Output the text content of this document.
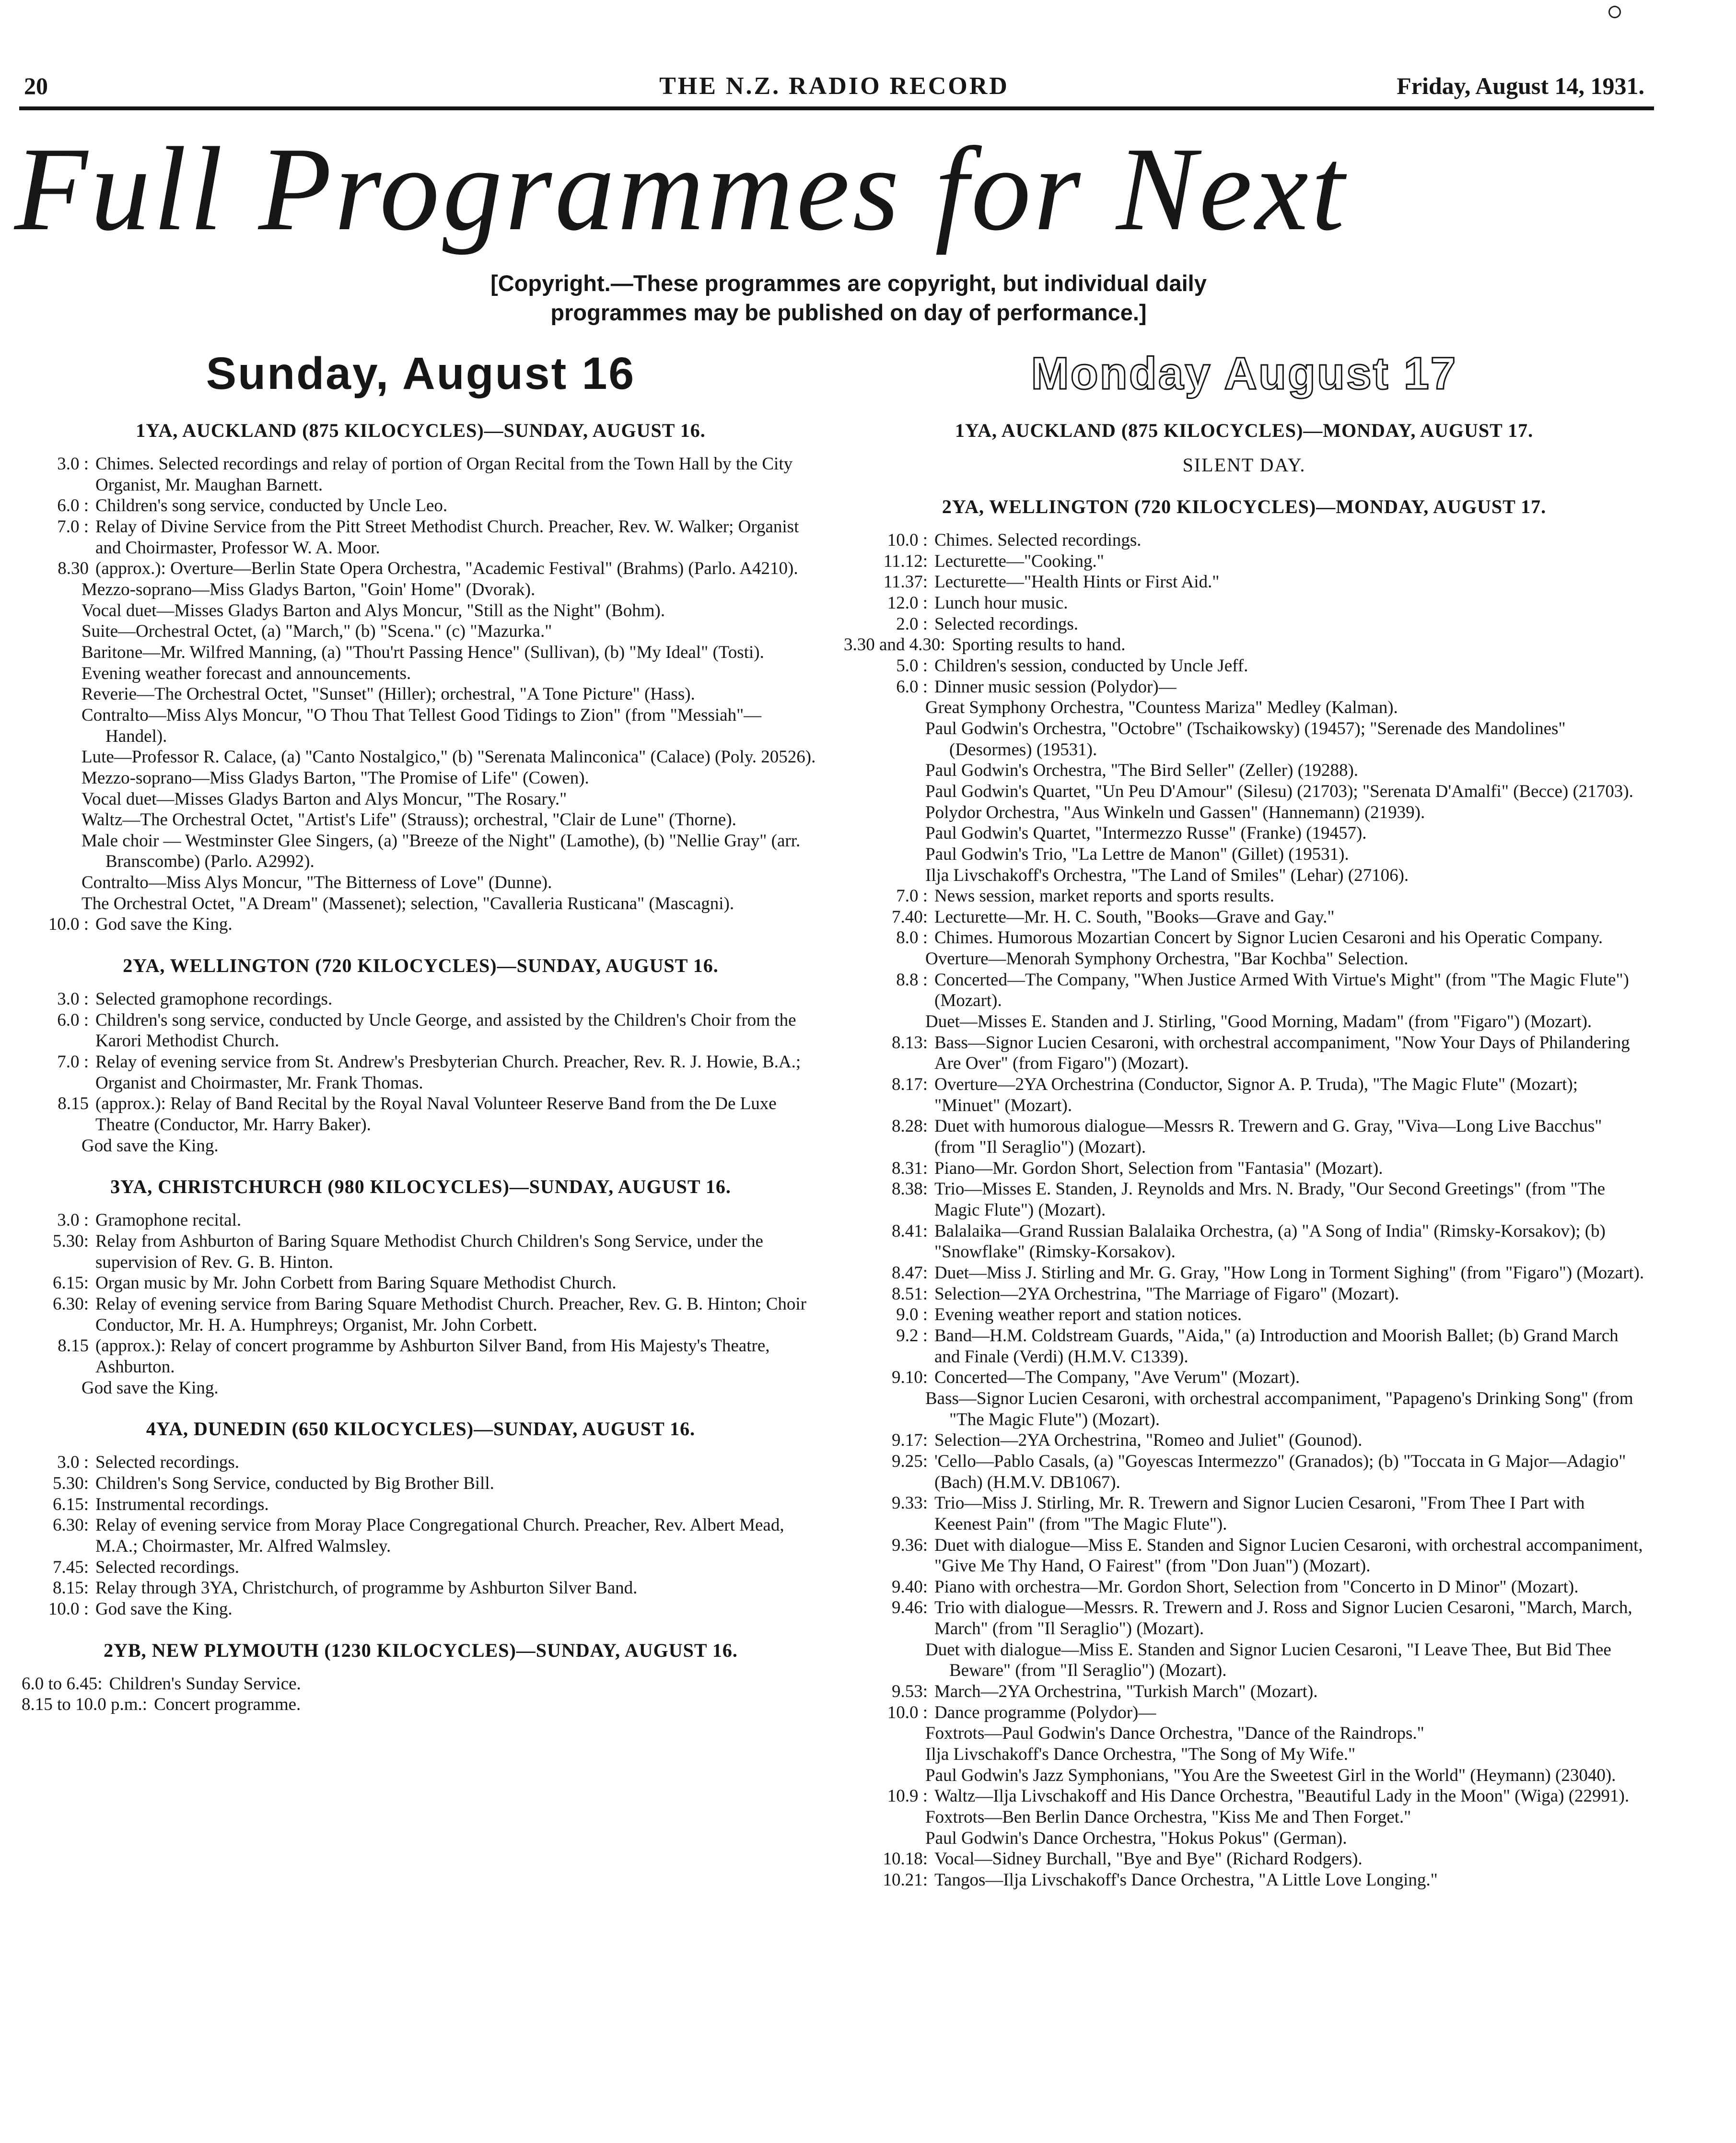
20	THE N.Z. RADIO RECORD	Friday, August 14, 1931.
Full Programmes for Next
[Copyright.—These programmes are copyright, but individual daily programmes may be published on day of performance.]
Sunday, August 16
1YA, AUCKLAND (875 KILOCYCLES)—SUNDAY, AUGUST 16.
3.0 : Chimes. Selected recordings and relay of portion of Organ Recital from the Town Hall by the City Organist, Mr. Maughan Barnett.
6.0 : Children's song service, conducted by Uncle Leo.
7.0 : Relay of Divine Service from the Pitt Street Methodist Church. Preacher, Rev. W. Walker; Organist and Choirmaster, Professor W. A. Moor.
8.30 (approx.): Overture—Berlin State Opera Orchestra, "Academic Festival" (Brahms) (Parlo. A4210).
Mezzo-soprano—Miss Gladys Barton, "Goin' Home" (Dvorak).
Vocal duet—Misses Gladys Barton and Alys Moncur, "Still as the Night" (Bohm).
Suite—Orchestral Octet, (a) "March," (b) "Scena." (c) "Mazurka."
Baritone—Mr. Wilfred Manning, (a) "Thou'rt Passing Hence" (Sullivan), (b) "My Ideal" (Tosti).
Evening weather forecast and announcements.
Reverie—The Orchestral Octet, "Sunset" (Hiller); orchestral, "A Tone Picture" (Hass).
Contralto—Miss Alys Moncur, "O Thou That Tellest Good Tidings to Zion" (from "Messiah"—Handel).
Lute—Professor R. Calace, (a) "Canto Nostalgico," (b) "Serenata Malinconica" (Calace) (Poly. 20526).
Mezzo-soprano—Miss Gladys Barton, "The Promise of Life" (Cowen).
Vocal duet—Misses Gladys Barton and Alys Moncur, "The Rosary."
Waltz—The Orchestral Octet, "Artist's Life" (Strauss); orchestral, "Clair de Lune" (Thorne).
Male choir — Westminster Glee Singers, (a) "Breeze of the Night" (Lamothe), (b) "Nellie Gray" (arr. Branscombe) (Parlo. A2992).
Contralto—Miss Alys Moncur, "The Bitterness of Love" (Dunne).
The Orchestral Octet, "A Dream" (Massenet); selection, "Cavalleria Rusticana" (Mascagni).
10.0 : God save the King.
2YA, WELLINGTON (720 KILOCYCLES)—SUNDAY, AUGUST 16.
3.0 : Selected gramophone recordings.
6.0 : Children's song service, conducted by Uncle George, and assisted by the Children's Choir from the Karori Methodist Church.
7.0 : Relay of evening service from St. Andrew's Presbyterian Church. Preacher, Rev. R. J. Howie, B.A.; Organist and Choirmaster, Mr. Frank Thomas.
8.15 (approx.): Relay of Band Recital by the Royal Naval Volunteer Reserve Band from the De Luxe Theatre (Conductor, Mr. Harry Baker).
God save the King.
3YA, CHRISTCHURCH (980 KILOCYCLES)—SUNDAY, AUGUST 16.
3.0 : Gramophone recital.
5.30: Relay from Ashburton of Baring Square Methodist Church Children's Song Service, under the supervision of Rev. G. B. Hinton.
6.15: Organ music by Mr. John Corbett from Baring Square Methodist Church.
6.30: Relay of evening service from Baring Square Methodist Church. Preacher, Rev. G. B. Hinton; Choir Conductor, Mr. H. A. Humphreys; Organist, Mr. John Corbett.
8.15 (approx.): Relay of concert programme by Ashburton Silver Band, from His Majesty's Theatre, Ashburton.
God save the King.
4YA, DUNEDIN (650 KILOCYCLES)—SUNDAY, AUGUST 16.
3.0 : Selected recordings.
5.30: Children's Song Service, conducted by Big Brother Bill.
6.15: Instrumental recordings.
6.30: Relay of evening service from Moray Place Congregational Church. Preacher, Rev. Albert Mead, M.A.; Choirmaster, Mr. Alfred Walmsley.
7.45: Selected recordings.
8.15: Relay through 3YA, Christchurch, of programme by Ashburton Silver Band.
10.0 : God save the King.
2YB, NEW PLYMOUTH (1230 KILOCYCLES)—SUNDAY, AUGUST 16.
6.0 to 6.45: Children's Sunday Service.
8.15 to 10.0 p.m.: Concert programme.
Monday August 17
1YA, AUCKLAND (875 KILOCYCLES)—MONDAY, AUGUST 17.
SILENT DAY.
2YA, WELLINGTON (720 KILOCYCLES)—MONDAY, AUGUST 17.
10.0 : Chimes. Selected recordings.
11.12: Lecturette—"Cooking."
11.37: Lecturette—"Health Hints or First Aid."
12.0 : Lunch hour music.
2.0 : Selected recordings.
3.30 and 4.30: Sporting results to hand.
5.0 : Children's session, conducted by Uncle Jeff.
6.0 : Dinner music session (Polydor)—
Great Symphony Orchestra, "Countess Mariza" Medley (Kalman).
Paul Godwin's Orchestra, "Octobre" (Tschaikowsky) (19457); "Serenade des Mandolines" (Desormes) (19531).
Paul Godwin's Orchestra, "The Bird Seller" (Zeller) (19288).
Paul Godwin's Quartet, "Un Peu D'Amour" (Silesu) (21703); "Serenata D'Amalfi" (Becce) (21703).
Polydor Orchestra, "Aus Winkeln und Gassen" (Hannemann) (21939).
Paul Godwin's Quartet, "Intermezzo Russe" (Franke) (19457).
Paul Godwin's Trio, "La Lettre de Manon" (Gillet) (19531).
Ilja Livschakoff's Orchestra, "The Land of Smiles" (Lehar) (27106).
7.0 : News session, market reports and sports results.
7.40: Lecturette—Mr. H. C. South, "Books—Grave and Gay."
8.0 : Chimes. Humorous Mozartian Concert by Signor Lucien Cesaroni and his Operatic Company.
Overture—Menorah Symphony Orchestra, "Bar Kochba" Selection.
8.8 : Concerted—The Company, "When Justice Armed With Virtue's Might" (from "The Magic Flute") (Mozart).
Duet—Misses E. Standen and J. Stirling, "Good Morning, Madam" (from "Figaro") (Mozart).
8.13: Bass—Signor Lucien Cesaroni, with orchestral accompaniment, "Now Your Days of Philandering Are Over" (from Figaro") (Mozart).
8.17: Overture—2YA Orchestrina (Conductor, Signor A. P. Truda), "The Magic Flute" (Mozart); "Minuet" (Mozart).
8.28: Duet with humorous dialogue—Messrs R. Trewern and G. Gray, "Viva—Long Live Bacchus" (from "Il Seraglio") (Mozart).
8.31: Piano—Mr. Gordon Short, Selection from "Fantasia" (Mozart).
8.38: Trio—Misses E. Standen, J. Reynolds and Mrs. N. Brady, "Our Second Greetings" (from "The Magic Flute") (Mozart).
8.41: Balalaika—Grand Russian Balalaika Orchestra, (a) "A Song of India" (Rimsky-Korsakov); (b) "Snowflake" (Rimsky-Korsakov).
8.47: Duet—Miss J. Stirling and Mr. G. Gray, "How Long in Torment Sighing" (from "Figaro") (Mozart).
8.51: Selection—2YA Orchestrina, "The Marriage of Figaro" (Mozart).
9.0 : Evening weather report and station notices.
9.2 : Band—H.M. Coldstream Guards, "Aida," (a) Introduction and Moorish Ballet; (b) Grand March and Finale (Verdi) (H.M.V. C1339).
9.10: Concerted—The Company, "Ave Verum" (Mozart).
Bass—Signor Lucien Cesaroni, with orchestral accompaniment, "Papageno's Drinking Song" (from "The Magic Flute") (Mozart).
9.17: Selection—2YA Orchestrina, "Romeo and Juliet" (Gounod).
9.25: 'Cello—Pablo Casals, (a) "Goyescas Intermezzo" (Granados); (b) "Toccata in G Major—Adagio" (Bach) (H.M.V. DB1067).
9.33: Trio—Miss J. Stirling, Mr. R. Trewern and Signor Lucien Cesaroni, "From Thee I Part with Keenest Pain" (from "The Magic Flute").
9.36: Duet with dialogue—Miss E. Standen and Signor Lucien Cesaroni, with orchestral accompaniment, "Give Me Thy Hand, O Fairest" (from "Don Juan") (Mozart).
9.40: Piano with orchestra—Mr. Gordon Short, Selection from "Concerto in D Minor" (Mozart).
9.46: Trio with dialogue—Messrs. R. Trewern and J. Ross and Signor Lucien Cesaroni, "March, March, March" (from "Il Seraglio") (Mozart).
Duet with dialogue—Miss E. Standen and Signor Lucien Cesaroni, "I Leave Thee, But Bid Thee Beware" (from "Il Seraglio") (Mozart).
9.53: March—2YA Orchestrina, "Turkish March" (Mozart).
10.0 : Dance programme (Polydor)—
Foxtrots—Paul Godwin's Dance Orchestra, "Dance of the Raindrops."
Ilja Livschakoff's Dance Orchestra, "The Song of My Wife."
Paul Godwin's Jazz Symphonians, "You Are the Sweetest Girl in the World" (Heymann) (23040).
10.9 : Waltz—Ilja Livschakoff and His Dance Orchestra, "Beautiful Lady in the Moon" (Wiga) (22991).
Foxtrots—Ben Berlin Dance Orchestra, "Kiss Me and Then Forget."
Paul Godwin's Dance Orchestra, "Hokus Pokus" (German).
10.18: Vocal—Sidney Burchall, "Bye and Bye" (Richard Rodgers).
10.21: Tangos—Ilja Livschakoff's Dance Orchestra, "A Little Love Longing."
